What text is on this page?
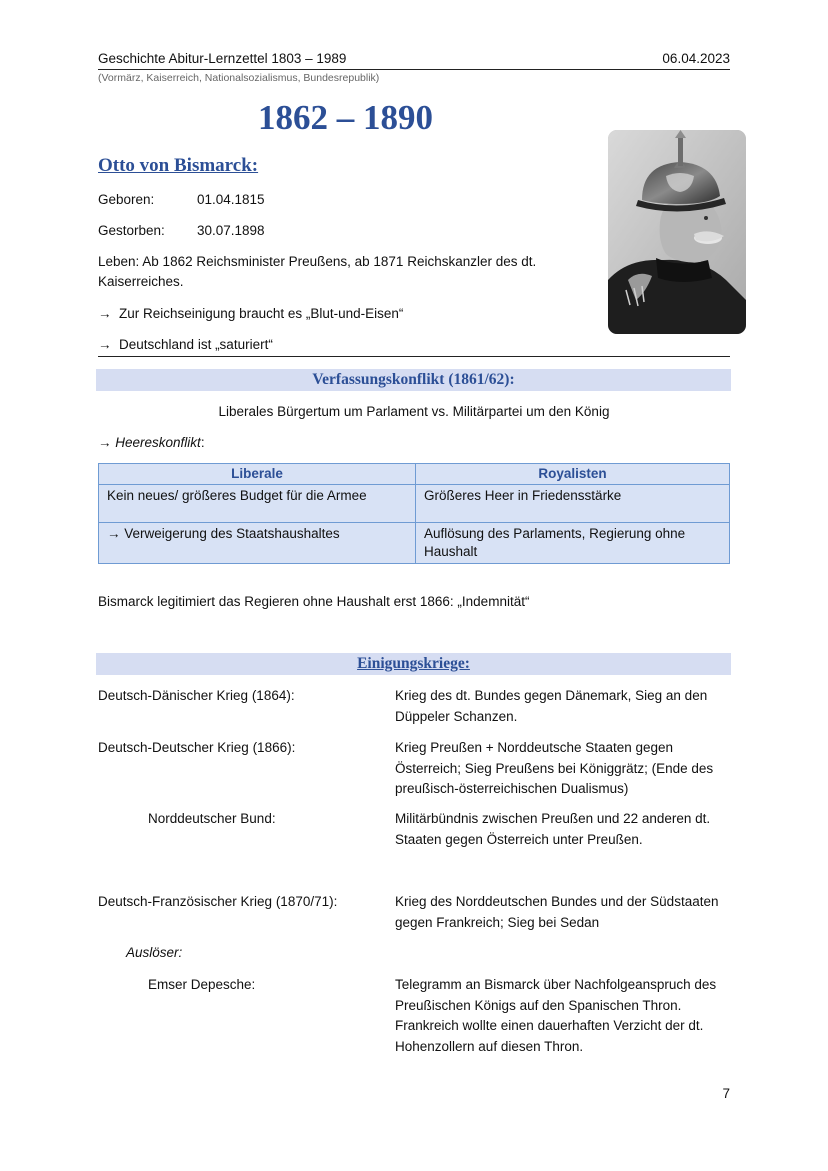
Geschichte Abitur-Lernzettel 1803 – 1989	06.04.2023
(Vormärz, Kaiserreich, Nationalsozialismus, Bundesrepublik)
1862 – 1890
Otto von Bismarck:
Geboren:	01.04.1815
Gestorben: 30.07.1898
Leben: Ab 1862 Reichsminister Preußens, ab 1871 Reichskanzler des dt.
Kaiserreiches.
→ Zur Reichseinigung braucht es „Blut-und-Eisen“
→ Deutschland ist „saturiert“
Verfassungskonflikt (1861/62):
Liberales Bürgertum um Parlament vs. Militärpartei um den König
→ Heereskonflikt:
Liberale	Royalisten
Kein neues/ größeres Budget für die Armee	Größeres Heer in Friedensstärke
→ Verweigerung des Staatshaushaltes	Auflösung des Parlaments, Regierung ohne Haushalt
Bismarck legitimiert das Regieren ohne Haushalt erst 1866: „Indemnität“
Einigungskriege:
Deutsch-Dänischer Krieg (1864):	Krieg des dt. Bundes gegen Dänemark, Sieg an den
Düppeler Schanzen.
Deutsch-Deutscher Krieg (1866):	Krieg Preußen + Norddeutsche Staaten gegen
Österreich; Sieg Preußens bei Königgrätz; (Ende des
preußisch-österreichischen Dualismus)
Norddeutscher Bund:	Militärbündnis zwischen Preußen und 22 anderen dt.
Staaten gegen Österreich unter Preußen.
Deutsch-Französischer Krieg (1870/71):	Krieg des Norddeutschen Bundes und der Südstaaten
gegen Frankreich; Sieg bei Sedan
Auslöser:
Emser Depesche:	Telegramm an Bismarck über Nachfolgeanspruch des
Preußischen Königs auf den Spanischen Thron.
Frankreich wollte einen dauerhaften Verzicht der dt.
Hohenzollern auf diesen Thron.
7
